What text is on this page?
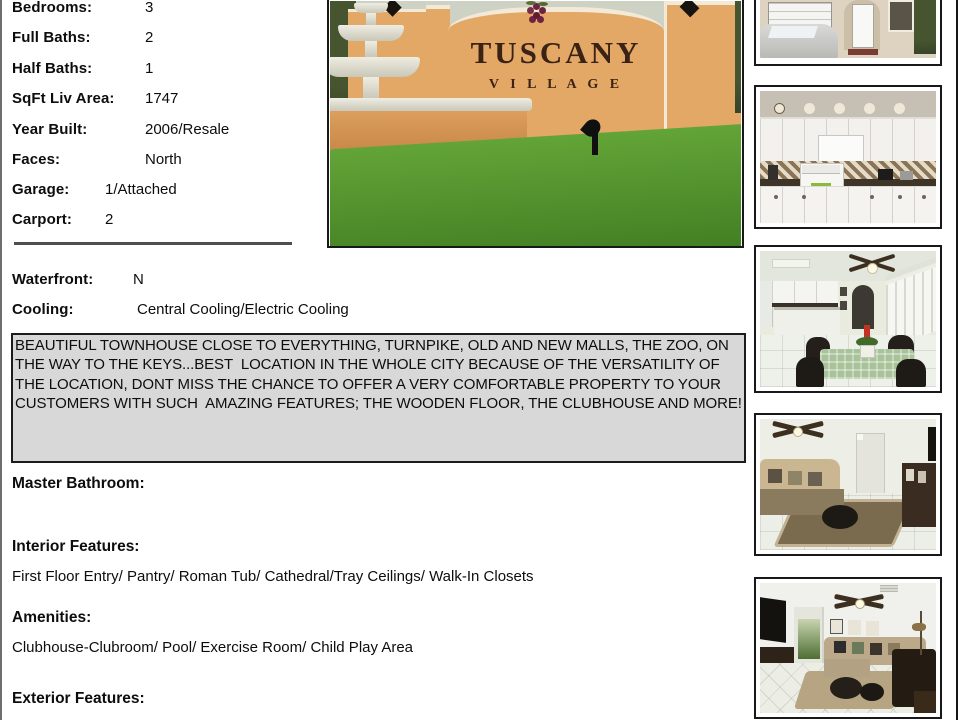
Bedrooms:	3
Full Baths:	2
Half Baths:	1
SqFt Liv Area: 1747
Year Built:	2006/Resale
Faces:	North
Garage: 1/Attached
Carport: 2
Waterfront:	N
Cooling:	Central Cooling/Electric Cooling

BEAUTIFUL TOWNHOUSE CLOSE TO EVERYTHING, TURNPIKE, OLD AND NEW MALLS, THE ZOO, ON THE WAY TO THE KEYS...BEST  LOCATION IN THE WHOLE CITY BECAUSE OF THE VERSATILITY OF THE LOCATION, DONT MISS THE CHANCE TO OFFER A VERY COMFORTABLE PROPERTY TO YOUR CUSTOMERS WITH SUCH  AMAZING FEATURES; THE WOODEN FLOOR, THE CLUBHOUSE AND MORE!

Master Bathroom:
Interior Features:
First Floor Entry/ Pantry/ Roman Tub/ Cathedral/Tray Ceilings/ Walk-In Closets
Amenities:
Clubhouse-Clubroom/ Pool/ Exercise Room/ Child Play Area
Exterior Features:
TUSCANY
V I L L A G E
